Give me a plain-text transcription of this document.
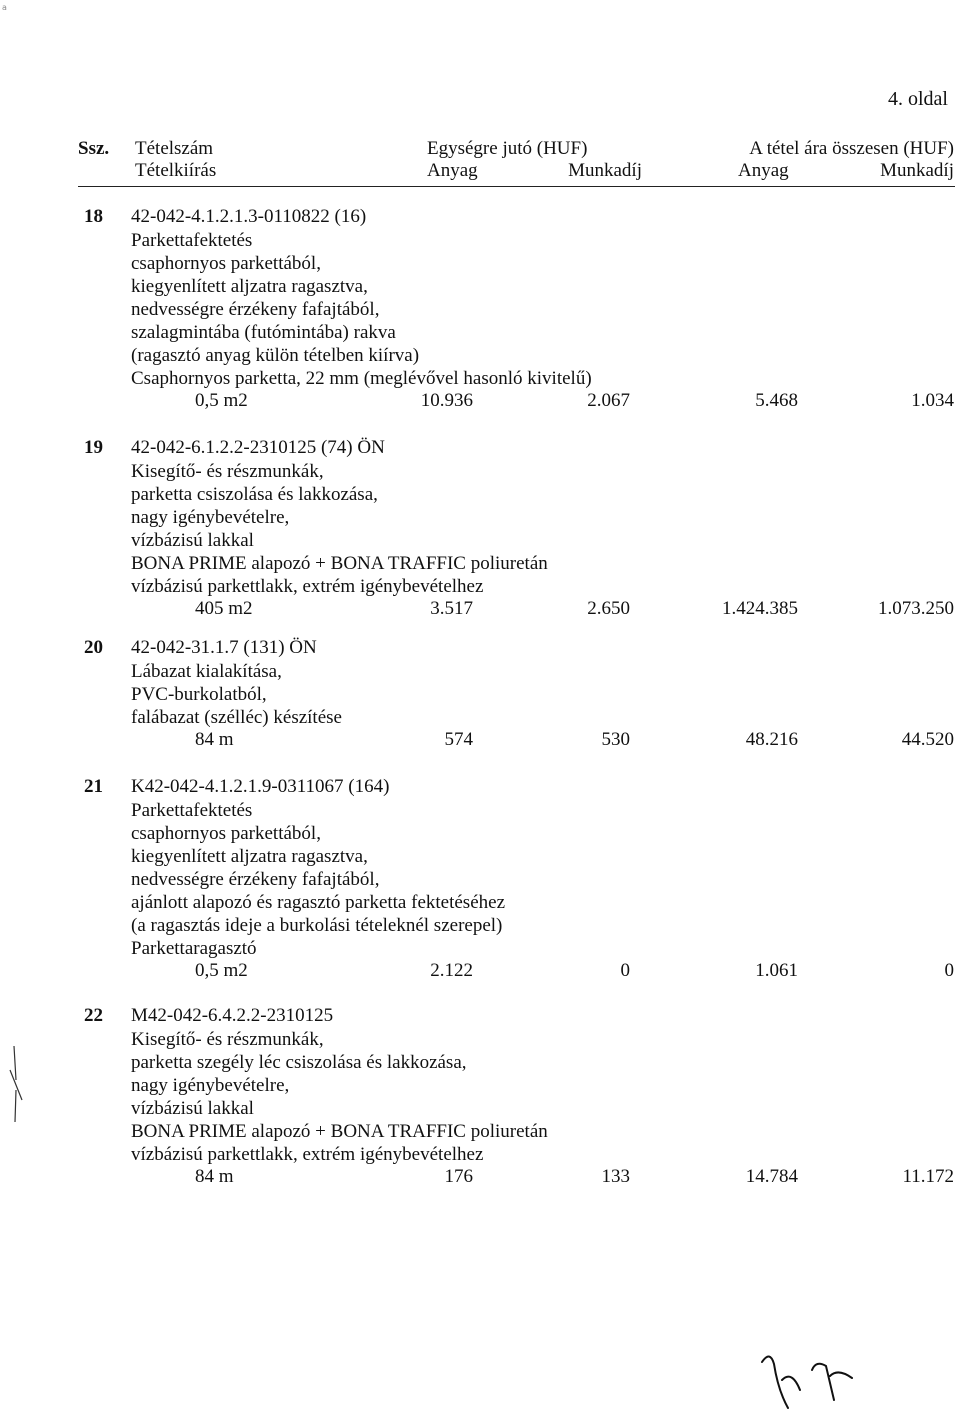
4. oldal
Ssz. Tételszám
Tételkiírás
Egységre jutó (HUF)
Anyag	Munkadíj
A tétel ára összesen (HUF)
Anyag	Munkadíj
18 42-042-4.1.2.1.3-0110822 (16)
Parkettafektetés
csaphornyos parkettából,
kiegyenlített aljzatra ragasztva,
nedvességre érzékeny fafajtából,
szalagmintába (futómintába) rakva
(ragasztó anyag külön tételben kiírva)
Csaphornyos parketta, 22 mm (meglévővel hasonló kivitelű)
0,5 m2	10.936	2.067	5.468	1.034
19 42-042-6.1.2.2-2310125 (74) ÖN
Kisegítő- és részmunkák,
parketta csiszolása és lakkozása,
nagy igénybevételre,
vízbázisú lakkal
BONA PRIME alapozó + BONA TRAFFIC poliuretán
vízbázisú parkettlakk, extrém igénybevételhez
405 m2	3.517	2.650	1.424.385	1.073.250
20 42-042-31.1.7 (131) ÖN
Lábazat kialakítása,
PVC-burkolatból,
falábazat (szélléc) készítése
84 m	574	530	48.216	44.520
21 K42-042-4.1.2.1.9-0311067 (164)
Parkettafektetés
csaphornyos parkettából,
kiegyenlített aljzatra ragasztva,
nedvességre érzékeny fafajtából,
ajánlott alapozó és ragasztó parketta fektetéséhez
(a ragasztás ideje a burkolási tételeknél szerepel)
Parkettaragasztó
0,5 m2	2.122	0	1.061	0
22 M42-042-6.4.2.2-2310125
Kisegítő- és részmunkák,
parketta szegély léc csiszolása és lakkozása,
nagy igénybevételre,
vízbázisú lakkal
BONA PRIME alapozó + BONA TRAFFIC poliuretán
vízbázisú parkettlakk, extrém igénybevételhez
84 m	176	133	14.784	11.172
a
